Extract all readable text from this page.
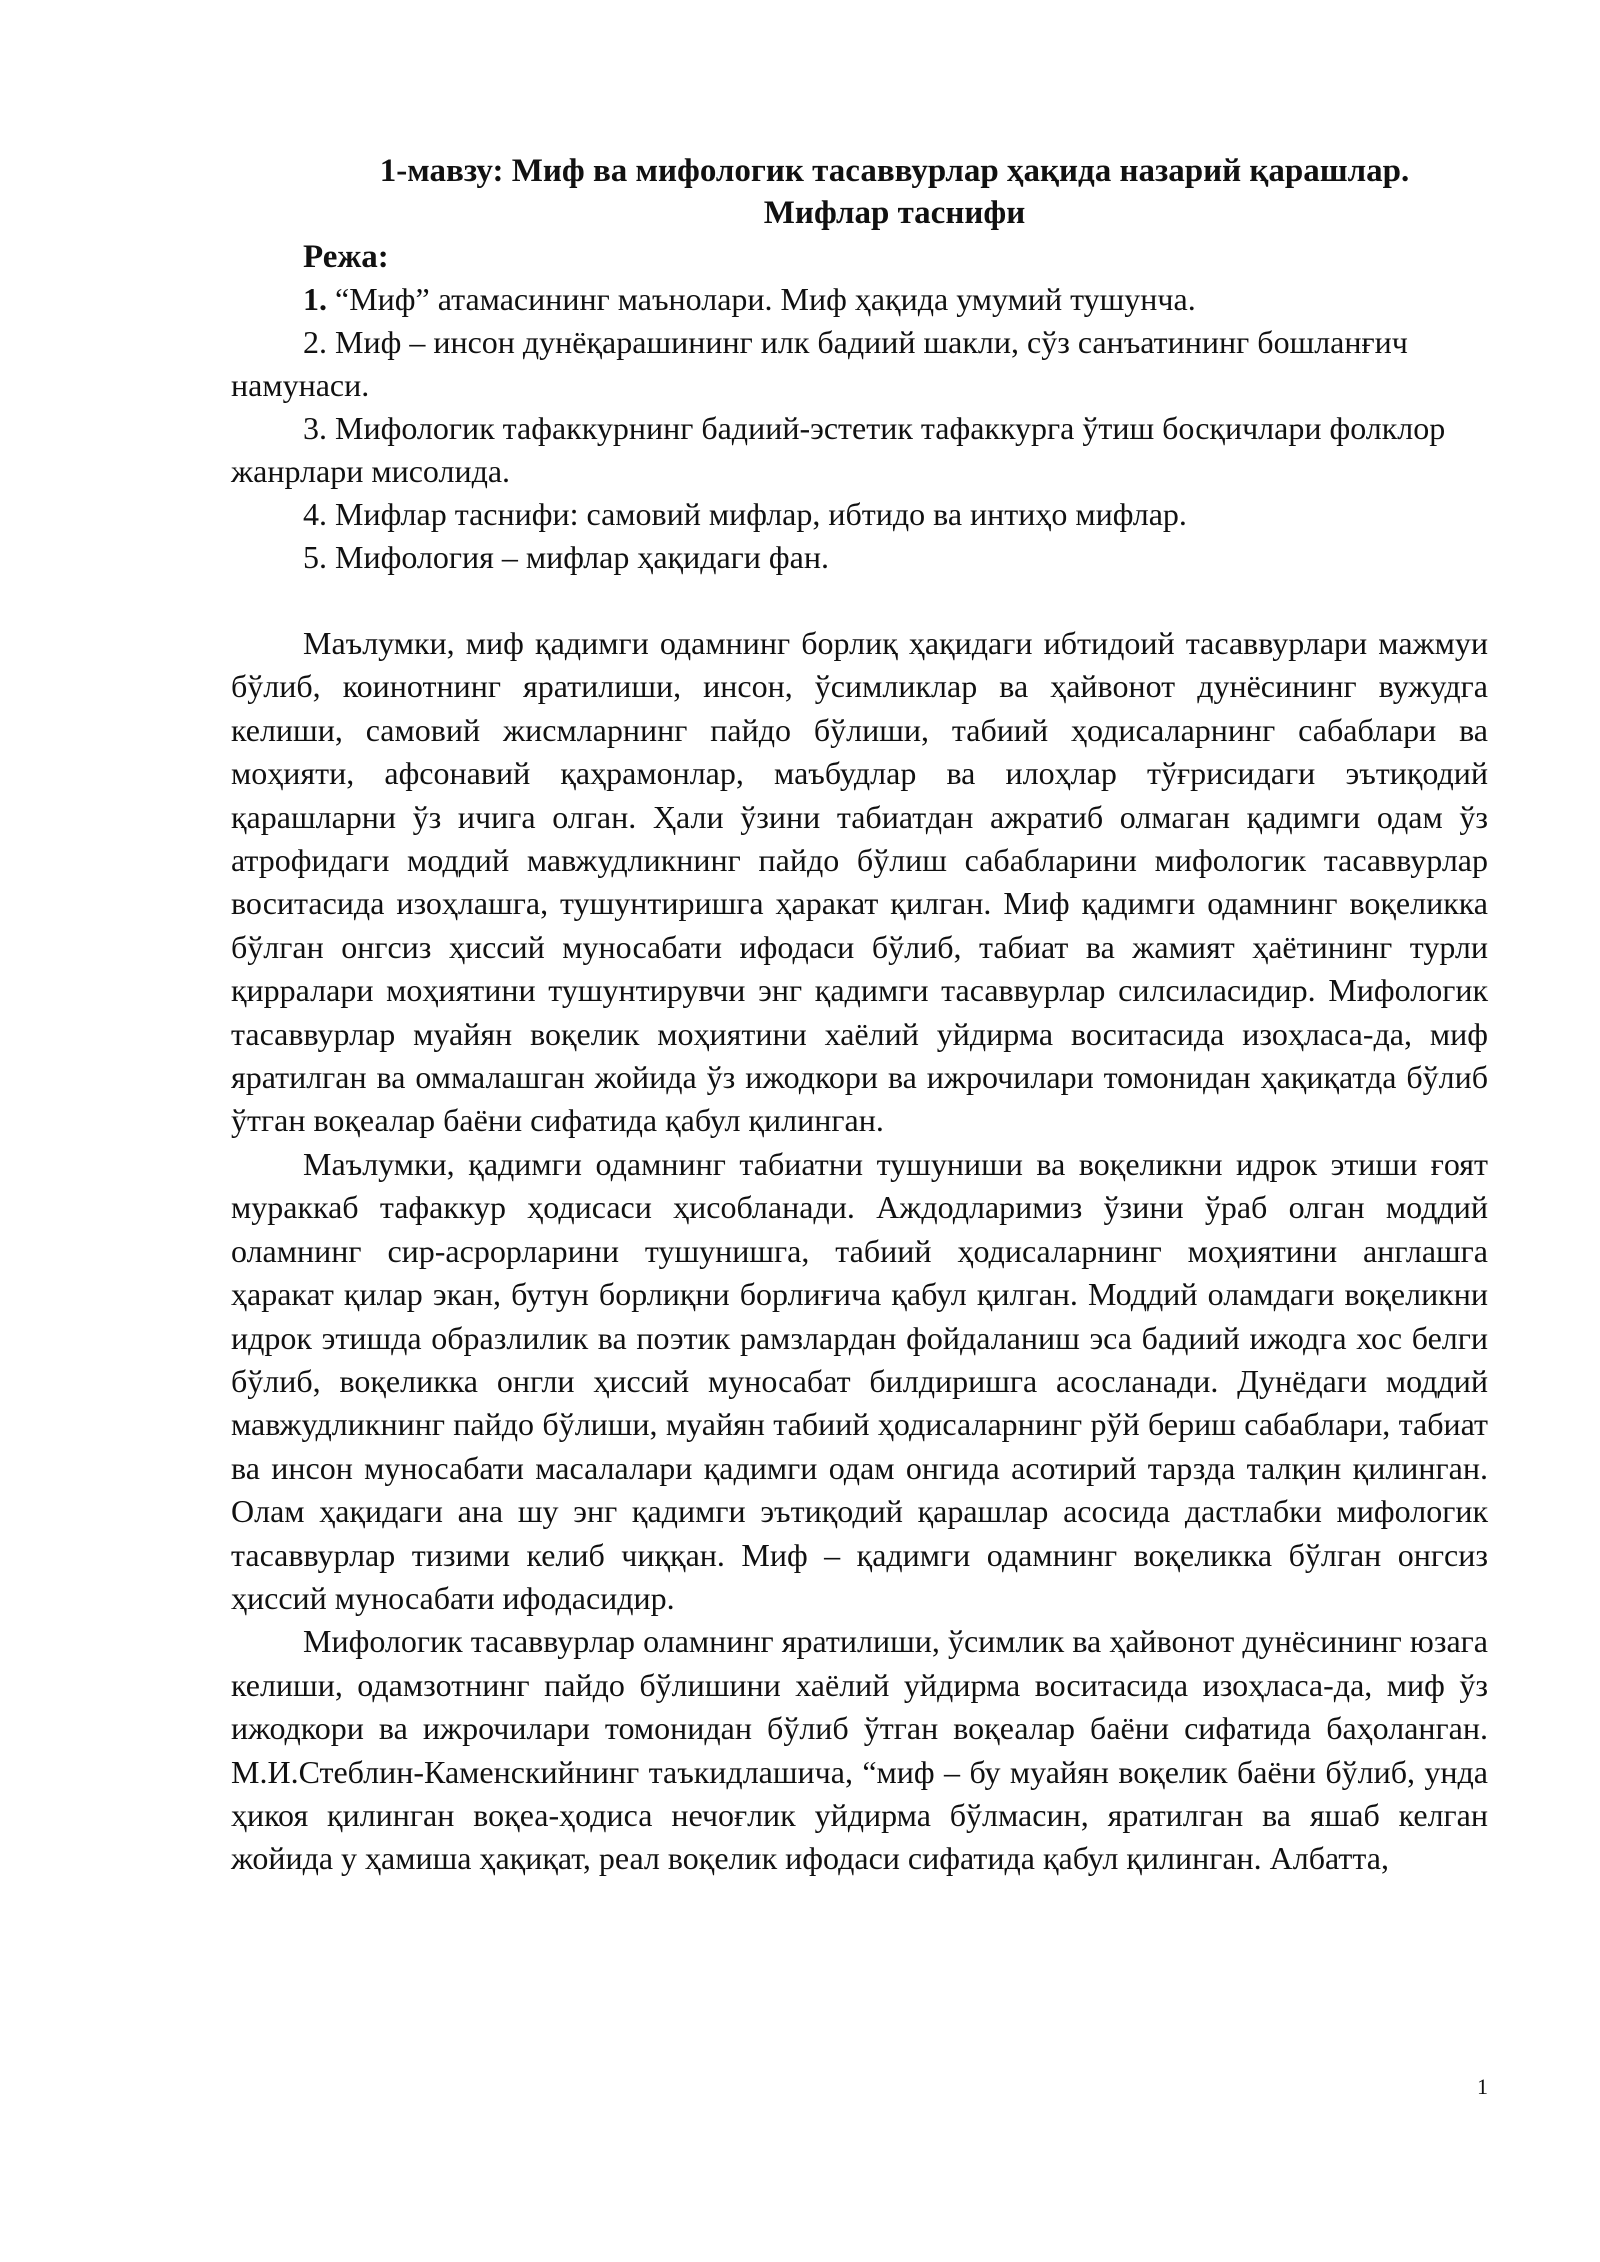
1-мавзу: Миф ва мифологик тасаввурлар ҳақида назарий қарашлар.
Мифлар таснифи
Режа:
1. “Миф” атамасининг маънолари. Миф ҳақида умумий тушунча.
2. Миф – инсон дунёқарашининг илк бадиий шакли, сўз санъатининг бошланғич намунаси.
3. Мифологик тафаккурнинг бадиий-эстетик тафаккурга ўтиш босқичлари фолклор жанрлари мисолида.
4. Мифлар таснифи: самовий мифлар, ибтидо ва интиҳо мифлар.
5. Мифология – мифлар ҳақидаги фан.

Маълумки, миф қадимги одамнинг борлиқ ҳақидаги ибтидоий тасаввурлари мажмуи бўлиб, коинотнинг яратилиши, инсон, ўсимликлар ва ҳайвонот дунёсининг вужудга келиши, самовий жисмларнинг пайдо бўлиши, табиий ҳодисаларнинг сабаблари ва моҳияти, афсонавий қаҳрамонлар, маъбудлар ва илоҳлар тўғрисидаги эътиқодий қарашларни ўз ичига олган. Ҳали ўзини табиатдан ажратиб олмаган қадимги одам ўз атрофидаги моддий мавжудликнинг пайдо бўлиш сабабларини мифологик тасаввурлар воситасида изоҳлашга, тушунтиришга ҳаракат қилган. Миф қадимги одамнинг воқеликка бўлган онгсиз ҳиссий муносабати ифодаси бўлиб, табиат ва жамият ҳаётининг турли қирралари моҳиятини тушунтирувчи энг қадимги тасаввурлар силсиласидир. Мифологик тасаввурлар муайян воқелик моҳиятини хаёлий уйдирма воситасида изоҳласа-да, миф яратилган ва оммалашган жойида ўз ижодкори ва ижрочилари томонидан ҳақиқатда бўлиб ўтган воқеалар баёни сифатида қабул қилинган.

Маълумки, қадимги одамнинг табиатни тушуниши ва воқеликни идрок этиши ғоят мураккаб тафаккур ҳодисаси ҳисобланади. Аждодларимиз ўзини ўраб олган моддий оламнинг сир-асрорларини тушунишга, табиий ҳодисаларнинг моҳиятини англашга ҳаракат қилар экан, бутун борлиқни борлиғича қабул қилган. Моддий оламдаги воқеликни идрок этишда образлилик ва поэтик рамзлардан фойдаланиш эса бадиий ижодга хос белги бўлиб, воқеликка онгли ҳиссий муносабат билдиришга асосланади. Дунёдаги моддий мавжудликнинг пайдо бўлиши, муайян табиий ҳодисаларнинг рўй бериш сабаблари, табиат ва инсон муносабати масалалари қадимги одам онгида асотирий тарзда талқин қилинган. Олам ҳақидаги ана шу энг қадимги эътиқодий қарашлар асосида дастлабки мифологик тасаввурлар тизими келиб чиққан. Миф – қадимги одамнинг воқеликка бўлган онгсиз ҳиссий муносабати ифодасидир.

Мифологик тасаввурлар оламнинг яратилиши, ўсимлик ва ҳайвонот дунёсининг юзага келиши, одамзотнинг пайдо бўлишини хаёлий уйдирма воситасида изоҳласа-да, миф ўз ижодкори ва ижрочилари томонидан бўлиб ўтган воқеалар баёни сифатида баҳоланган. М.И.Стеблин-Каменскийнинг таъкидлашича, “миф – бу муайян воқелик баёни бўлиб, унда ҳикоя қилинган воқеа-ҳодиса нечоғлик уйдирма бўлмасин, яратилган ва яшаб келган жойида у ҳамиша ҳақиқат, реал воқелик ифодаси сифатида қабул қилинган. Албатта,

1
